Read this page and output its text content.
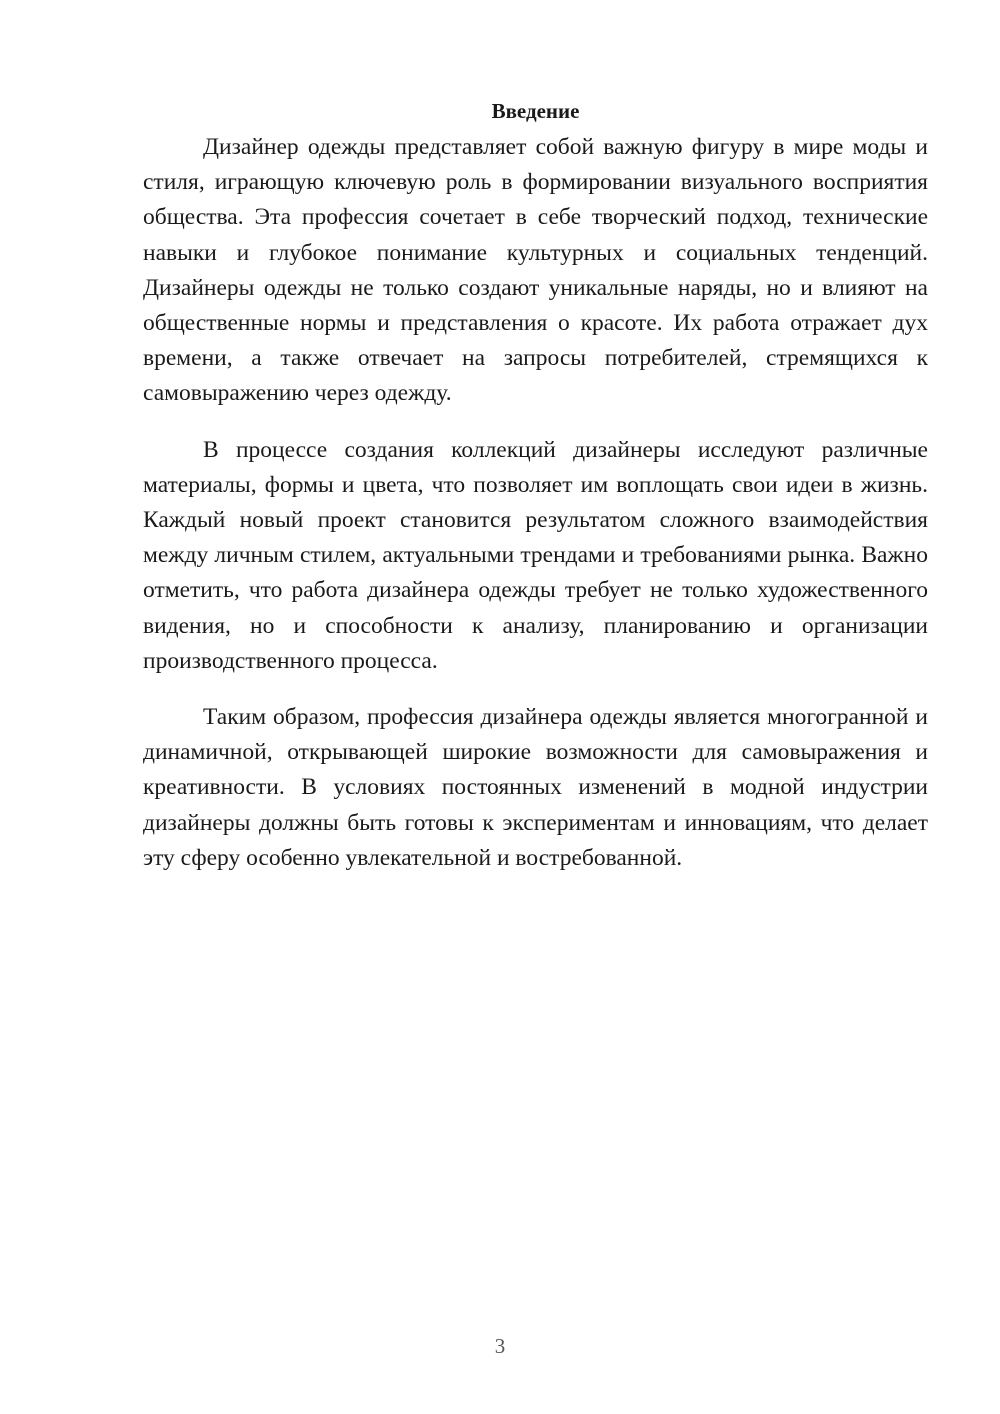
Введение

Дизайнер одежды представляет собой важную фигуру в мире моды и стиля, играющую ключевую роль в формировании визуального восприятия общества. Эта профессия сочетает в себе творческий подход, технические навыки и глубокое понимание культурных и социальных тенденций. Дизайнеры одежды не только создают уникальные наряды, но и влияют на общественные нормы и представления о красоте. Их работа отражает дух времени, а также отвечает на запросы потребителей, стремящихся к самовыражению через одежду.

В процессе создания коллекций дизайнеры исследуют различные материалы, формы и цвета, что позволяет им воплощать свои идеи в жизнь. Каждый новый проект становится результатом сложного взаимодействия между личным стилем, актуальными трендами и требованиями рынка. Важно отметить, что работа дизайнера одежды требует не только художественного видения, но и способности к анализу, планированию и организации производственного процесса.

Таким образом, профессия дизайнера одежды является многогранной и динамичной, открывающей широкие возможности для самовыражения и креативности. В условиях постоянных изменений в модной индустрии дизайнеры должны быть готовы к экспериментам и инновациям, что делает эту сферу особенно увлекательной и востребованной.

3
